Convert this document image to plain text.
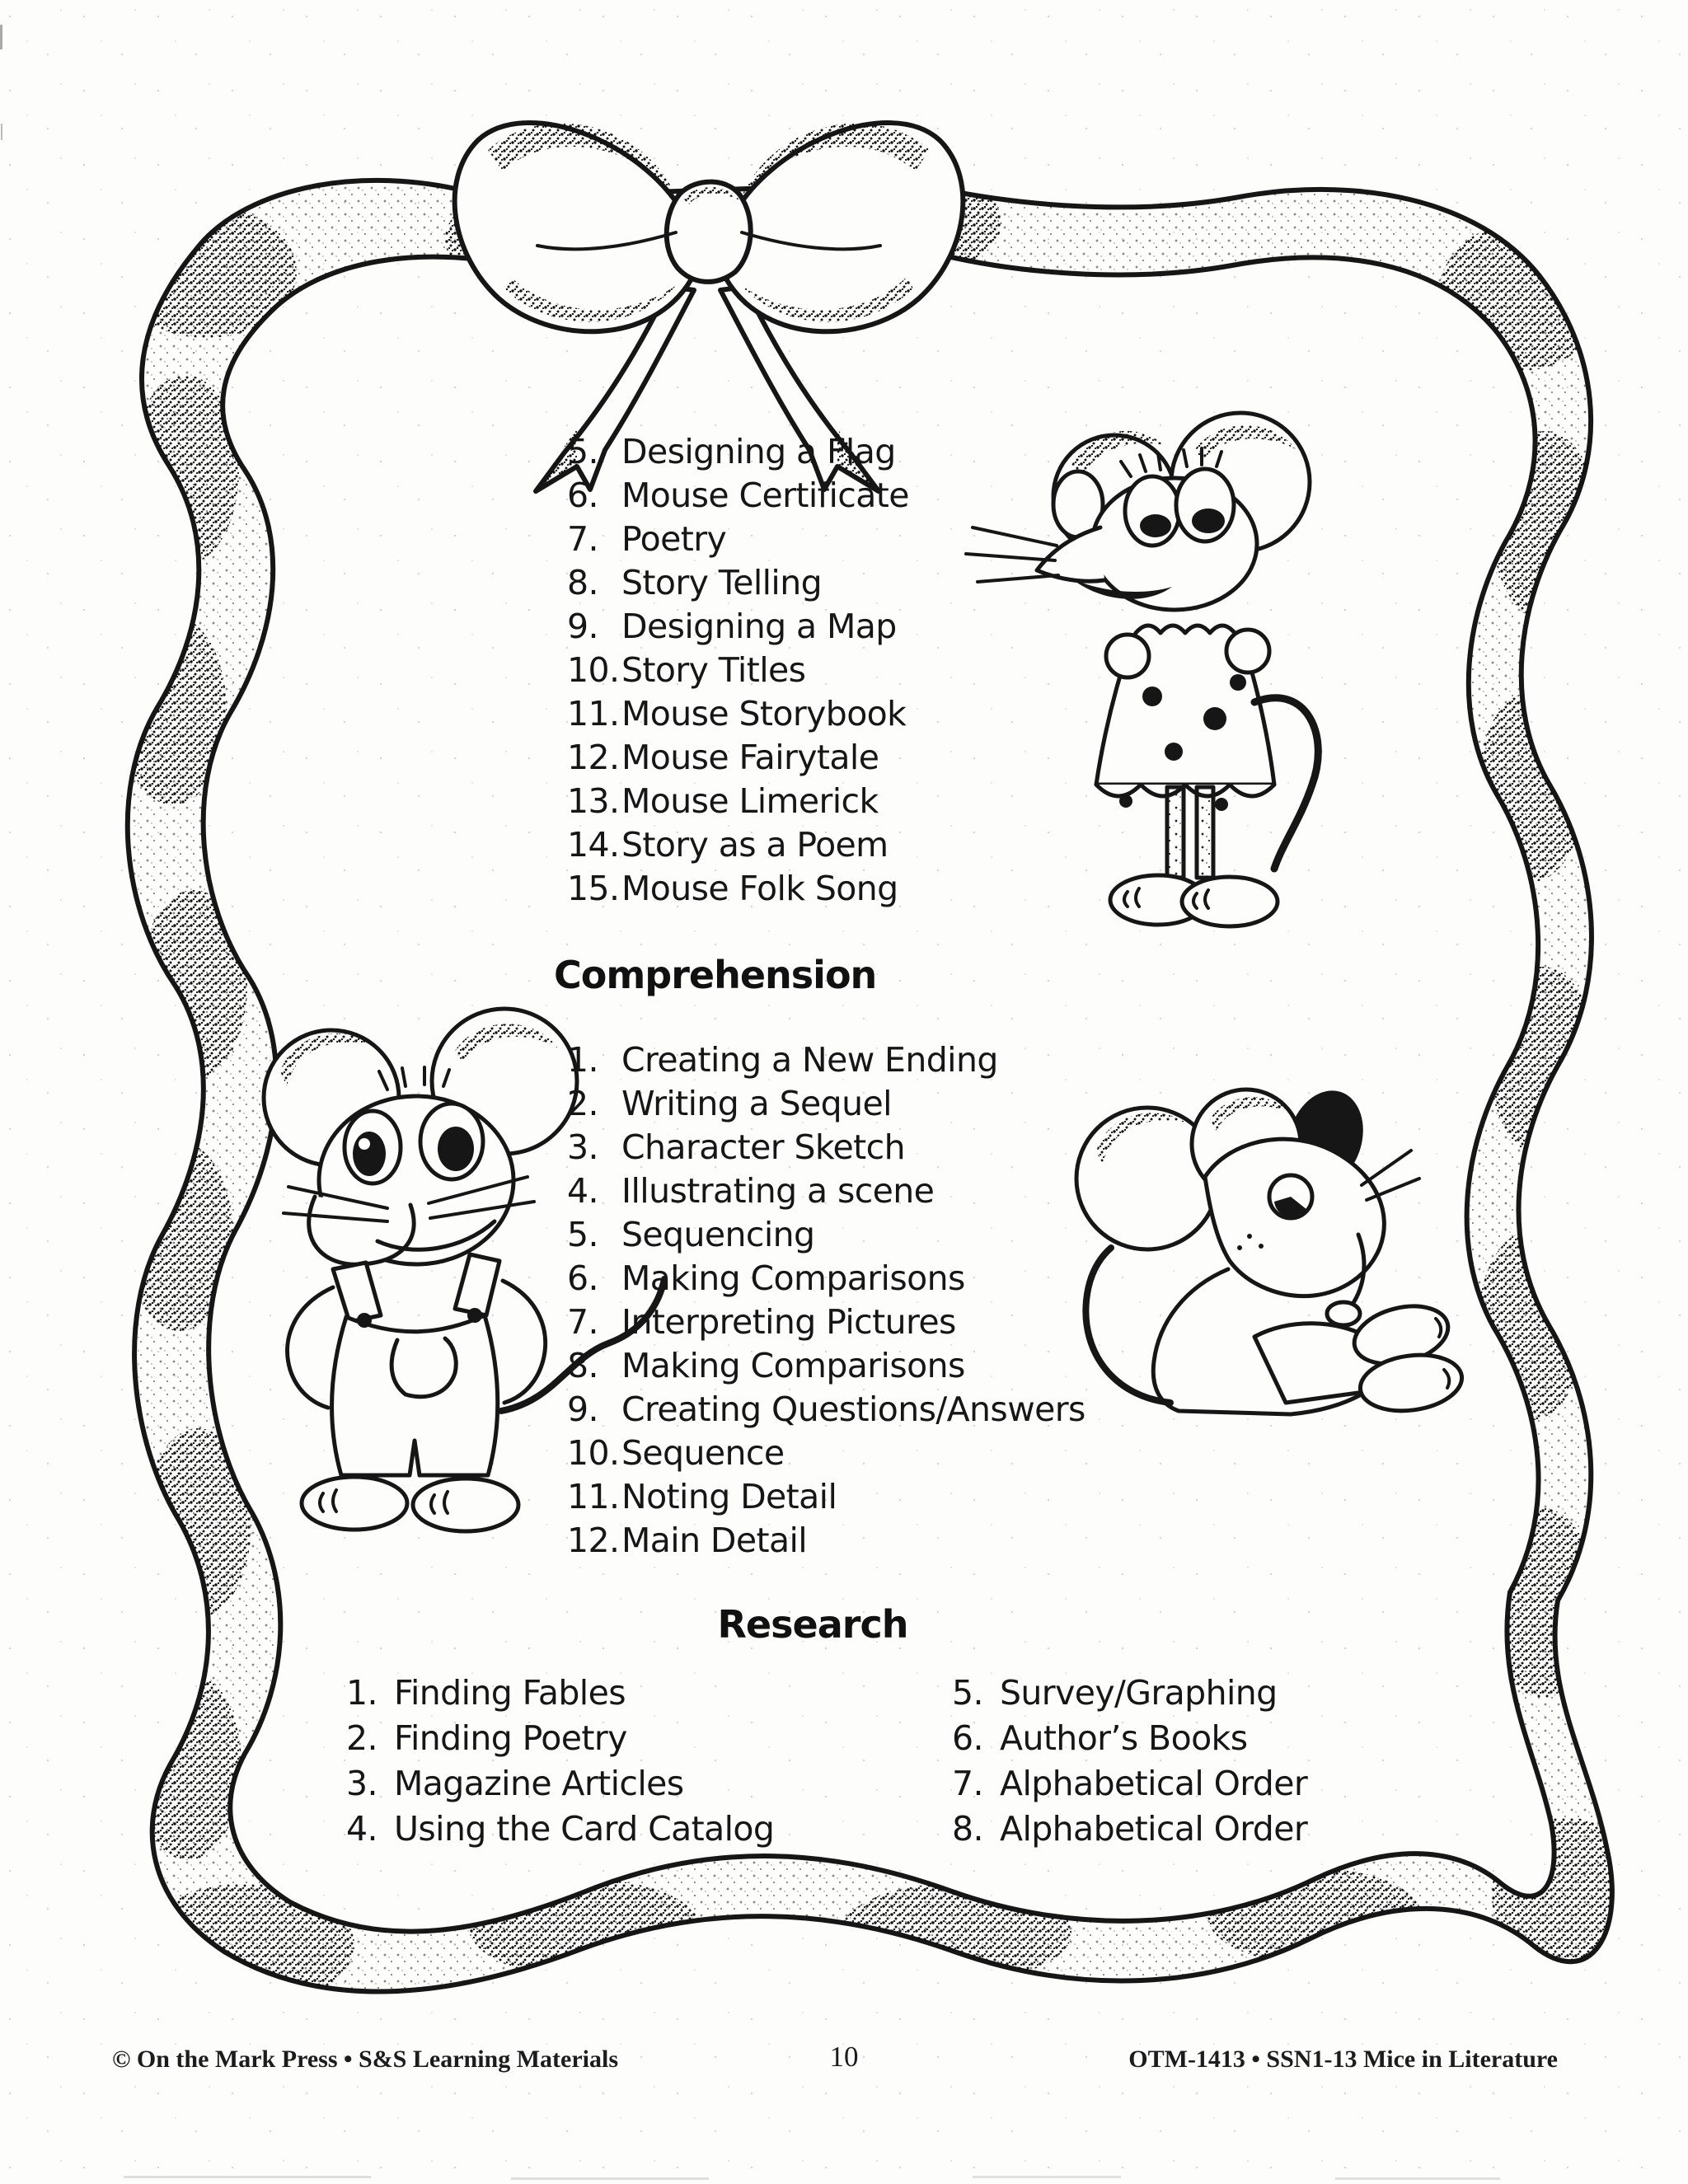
5. Designing a Flag
6. Mouse Certificate
7. Poetry
8. Story Telling
9. Designing a Map
10. Story Titles
11. Mouse Storybook
12. Mouse Fairytale
13. Mouse Limerick
14. Story as a Poem
15. Mouse Folk Song
Comprehension
1. Creating a New Ending
2. Writing a Sequel
3. Character Sketch
4. Illustrating a scene
5. Sequencing
6. Making Comparisons
7. Interpreting Pictures
8. Making Comparisons
9. Creating Questions/Answers
10. Sequence
11. Noting Detail
12. Main Detail
Research
1. Finding Fables
2. Finding Poetry
3. Magazine Articles
4. Using the Card Catalog
5. Survey/Graphing
6. Author’s Books
7. Alphabetical Order
8. Alphabetical Order
© On the Mark Press • S&S Learning Materials	10	OTM-1413 • SSN1-13 Mice in Literature
